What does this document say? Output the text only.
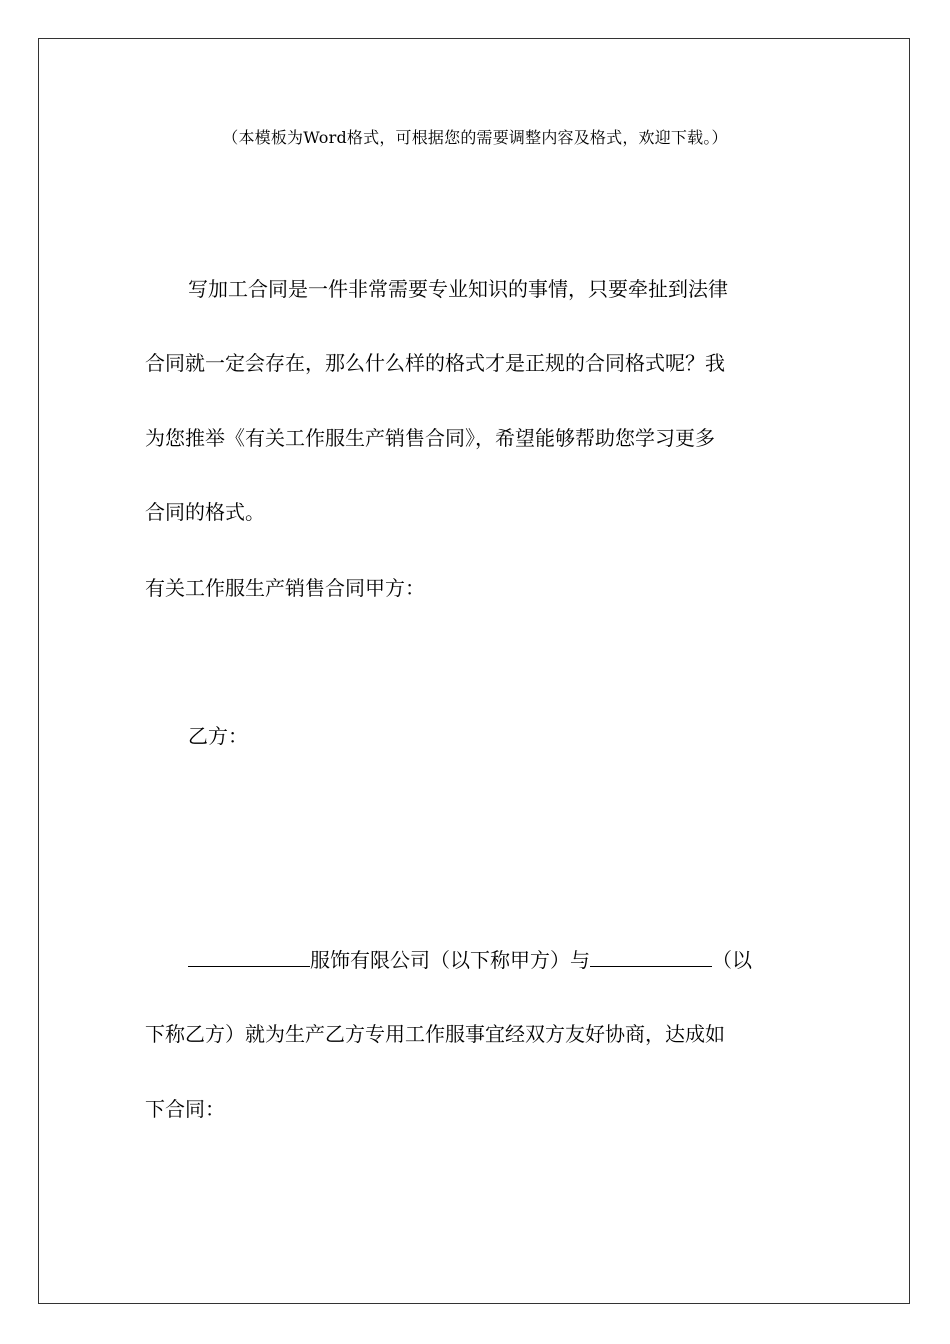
（本模板为Word格式，可根据您的需要调整内容及格式，欢迎下载。）
写加工合同是一件非常需要专业知识的事情，只要牵扯到法律
合同就一定会存在，那么什么样的格式才是正规的合同格式呢？我
为您推举《有关工作服生产销售合同》，希望能够帮助您学习更多
合同的格式。
有关工作服生产销售合同甲方：
乙方：
服饰有限公司（以下称甲方）与	（以
下称乙方）就为生产乙方专用工作服事宜经双方友好协商，达成如
下合同：
